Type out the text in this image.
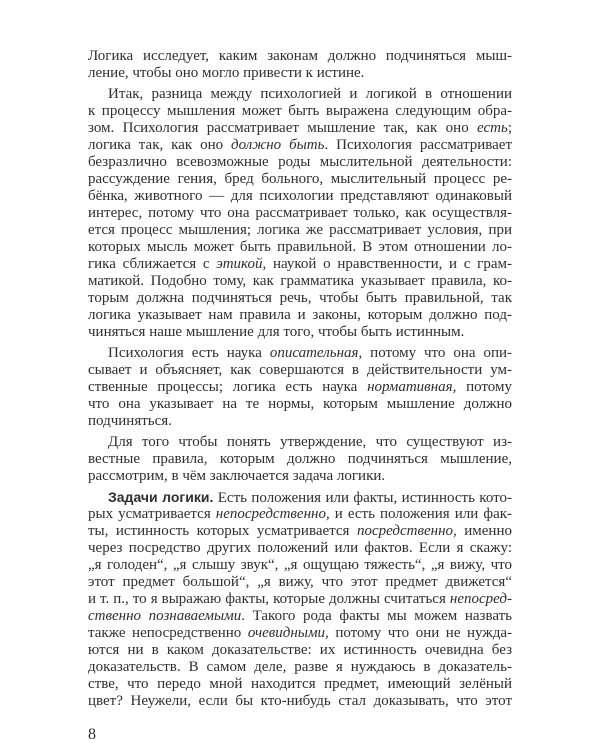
Логика исследует, каким законам должно подчиняться мыш-
ление, чтобы оно могло привести к истине.
Итак, разница между психологией и логикой в отношении
к процессу мышления может быть выражена следующим обра-
зом. Психология рассматривает мышление так, как оно есть;
логика так, как оно должно быть. Психология рассматривает
безразлично всевозможные роды мыслительной деятельности:
рассуждение гения, бред больного, мыслительный процесс ре-
бёнка, животного — для психологии представляют одинаковый
интерес, потому что она рассматривает только, как осуществля-
ется процесс мышления; логика же рассматривает условия, при
которых мысль может быть правильной. В этом отношении ло-
гика сближается с этикой, наукой о нравственности, и с грам-
матикой. Подобно тому, как грамматика указывает правила, ко-
торым должна подчиняться речь, чтобы быть правильной, так
логика указывает нам правила и законы, которым должно под-
чиняться наше мышление для того, чтобы быть истинным.
Психология есть наука описательная, потому что она опи-
сывает и объясняет, как совершаются в действительности ум-
ственные процессы; логика есть наука нормативная, потому
что она указывает на те нормы, которым мышление должно
подчиняться.
Для того чтобы понять утверждение, что существуют из-
вестные правила, которым должно подчиняться мышление,
рассмотрим, в чём заключается задача логики.
Задачи логики. Есть положения или факты, истинность кото-
рых усматривается непосредственно, и есть положения или фак-
ты, истинность которых усматривается посредственно, именно
через посредство других положений или фактов. Если я скажу:
„я голоден“, „я слышу звук“, „я ощущаю тяжесть“, „я вижу, что
этот предмет большой“, „я вижу, что этот предмет движется“
и т. п., то я выражаю факты, которые должны считаться непосред-
ственно познаваемыми. Такого рода факты мы можем назвать
также непосредственно очевидными, потому что они не нужда-
ются ни в каком доказательстве: их истинность очевидна без
доказательств. В самом деле, разве я нуждаюсь в доказатель-
стве, что передо мной находится предмет, имеющий зелёный
цвет? Неужели, если бы кто-нибудь стал доказывать, что этот
8
